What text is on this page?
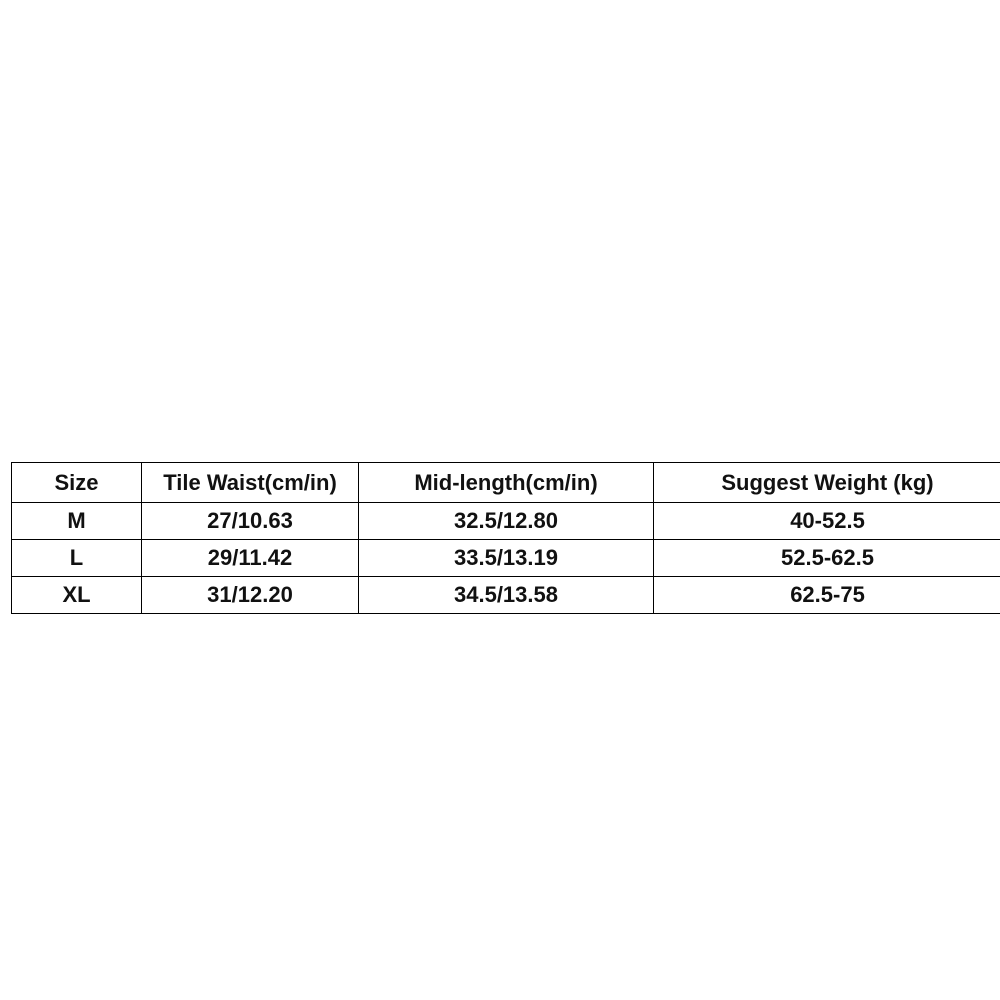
Size	Tile Waist(cm/in)	Mid-length(cm/in)	Suggest Weight (kg)
M	27/10.63	32.5/12.80	40-52.5
L	29/11.42	33.5/13.19	52.5-62.5
XL	31/12.20	34.5/13.58	62.5-75
